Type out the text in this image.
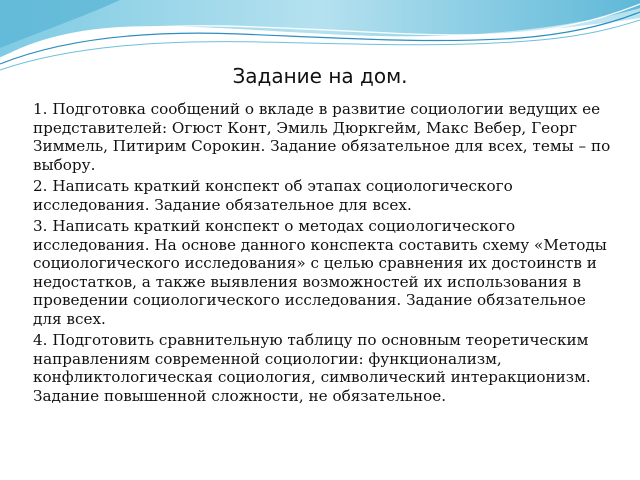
Задание на дом.

1. Подготовка сообщений о вкладе в развитие социологии ведущих ее представителей: Огюст Конт, Эмиль Дюркгейм, Макс Вебер, Георг Зиммель, Питирим Сорокин. Задание обязательное для всех, темы – по выбору.

2. Написать краткий конспект об этапах социологического исследования. Задание обязательное для всех.

3. Написать краткий конспект о методах социологического исследования. На основе данного конспекта составить схему «Методы социологического исследования» с целью сравнения их достоинств и недостатков, а также выявления возможностей их использования в проведении социологического исследования. Задание обязательное для всех.

4. Подготовить сравнительную таблицу по основным теоретическим направлениям современной социологии: функционализм, конфликтологическая социология, символический интеракционизм. Задание повышенной сложности, не обязательное.
